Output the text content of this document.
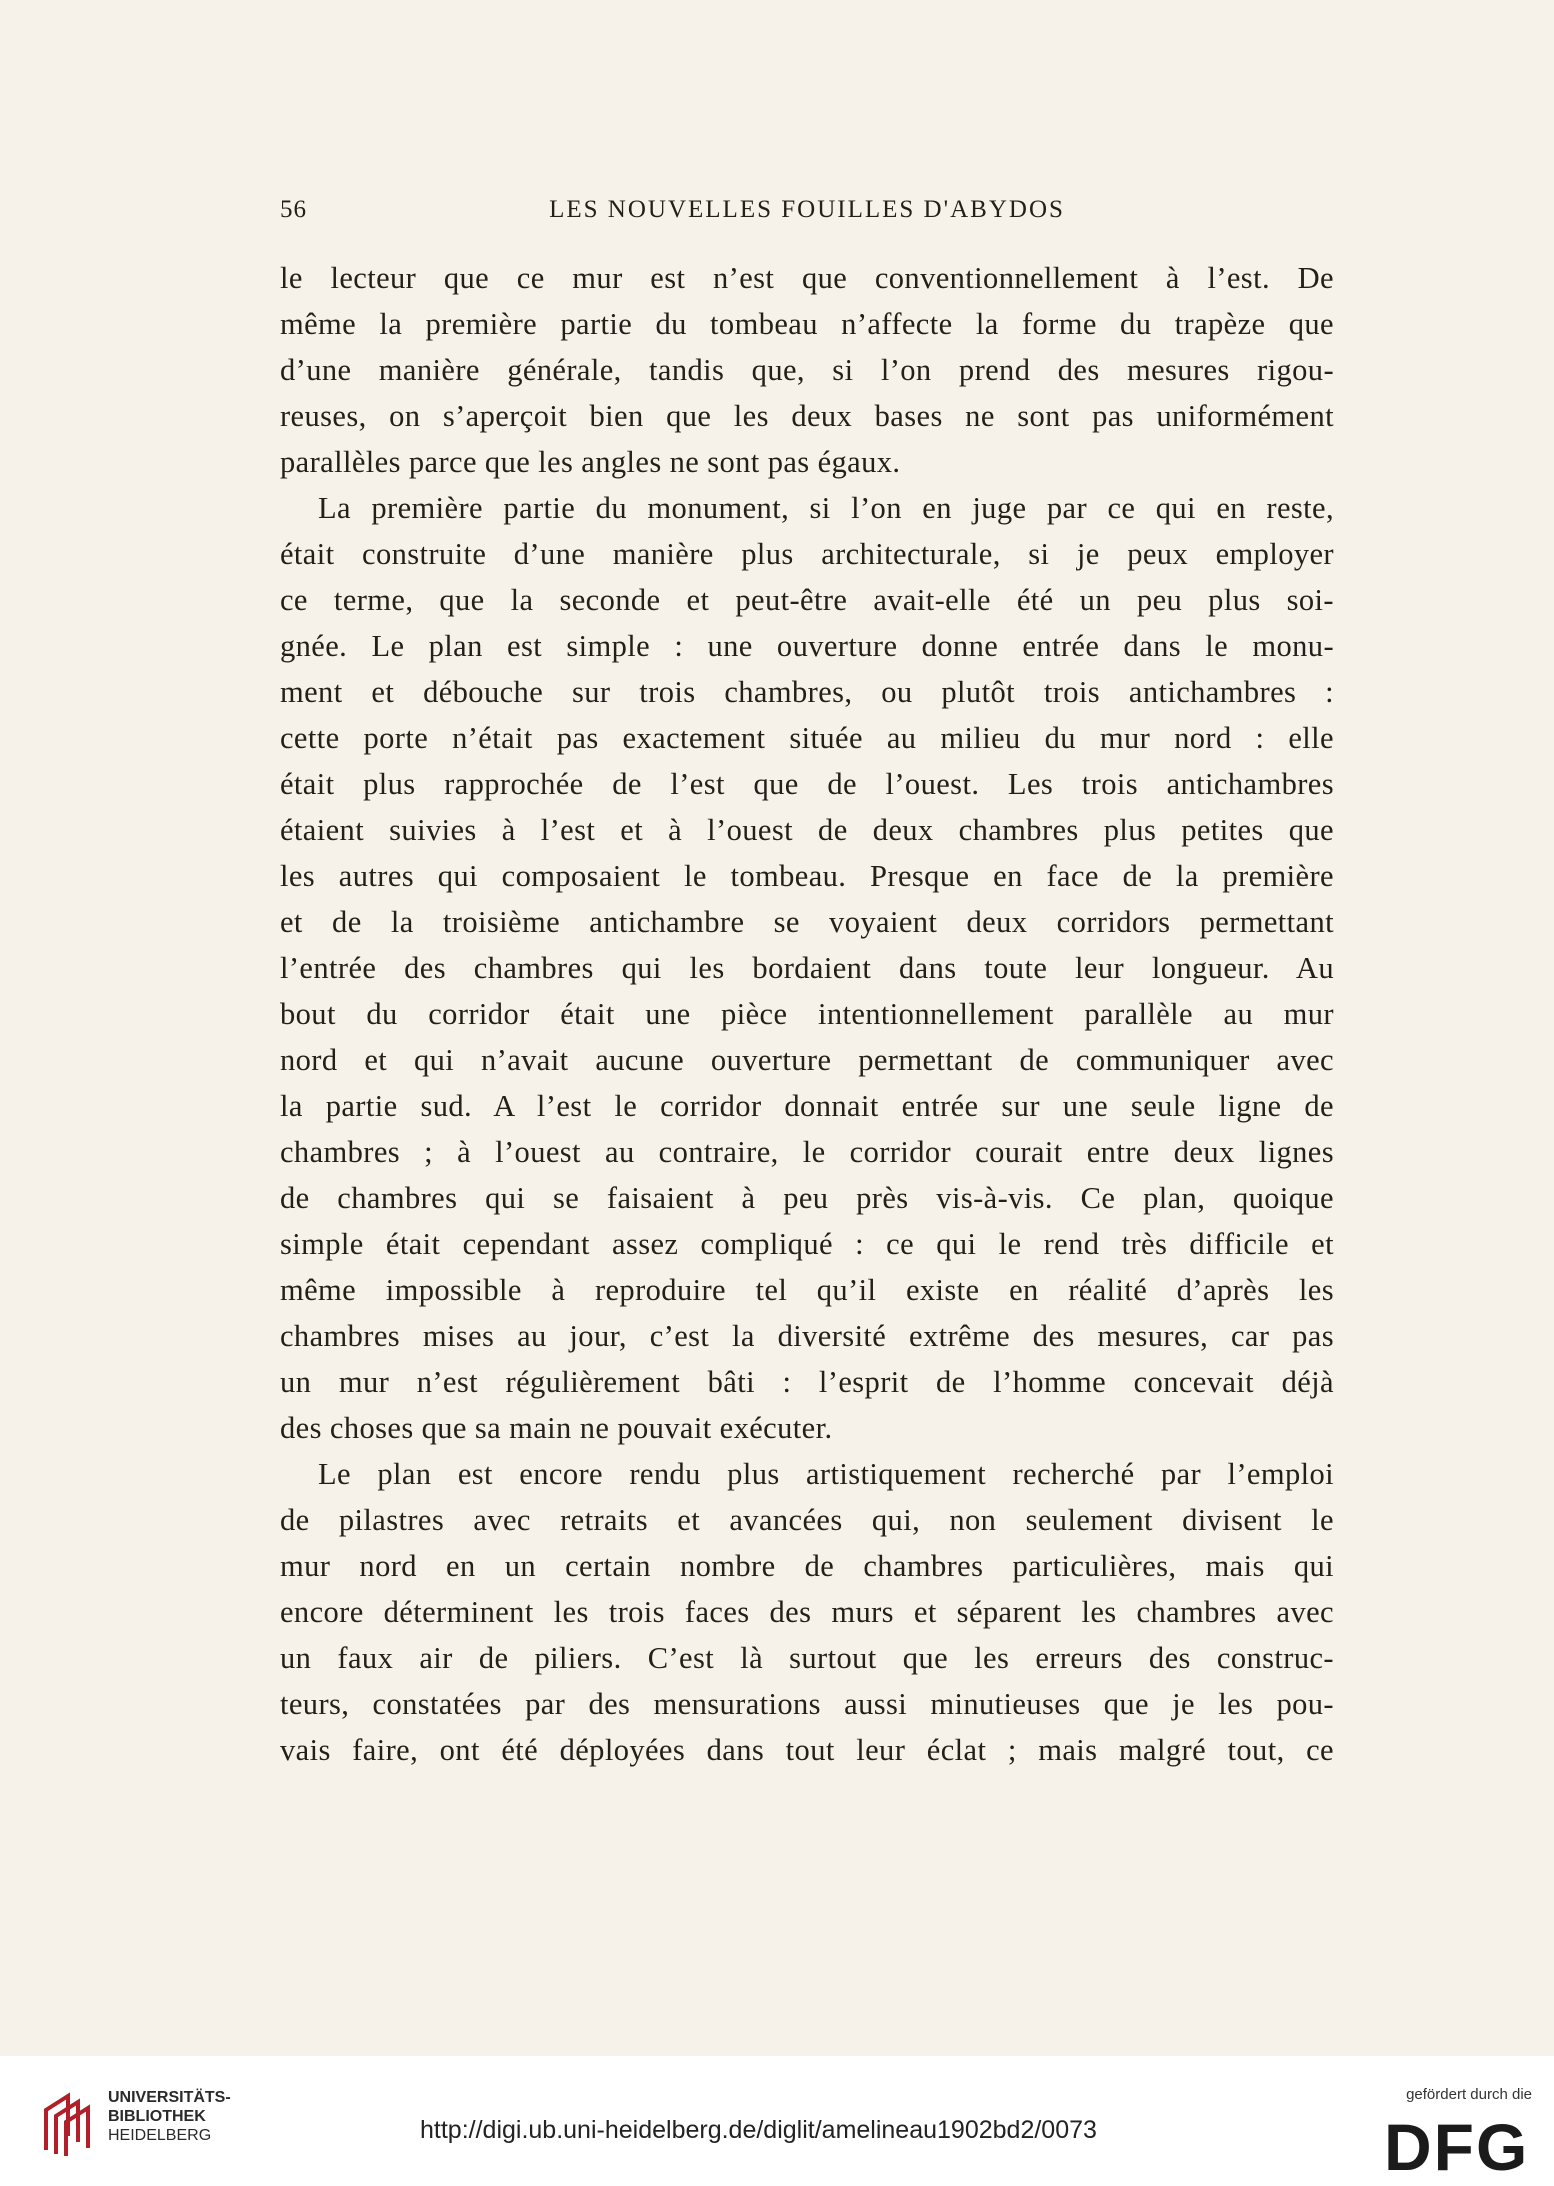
56	LES NOUVELLES FOUILLES D'ABYDOS
le lecteur que ce mur est n’est que conventionnellement à l’est. De
même la première partie du tombeau n’affecte la forme du trapèze que
d’une manière générale, tandis que, si l’on prend des mesures rigou-
reuses, on s’aperçoit bien que les deux bases ne sont pas uniformément
parallèles parce que les angles ne sont pas égaux.
La première partie du monument, si l’on en juge par ce qui en reste,
était construite d’une manière plus architecturale, si je peux employer
ce terme, que la seconde et peut-être avait-elle été un peu plus soi-
gnée. Le plan est simple : une ouverture donne entrée dans le monu-
ment et débouche sur trois chambres, ou plutôt trois antichambres :
cette porte n’était pas exactement située au milieu du mur nord : elle
était plus rapprochée de l’est que de l’ouest. Les trois antichambres
étaient suivies à l’est et à l’ouest de deux chambres plus petites que
les autres qui composaient le tombeau. Presque en face de la première
et de la troisième antichambre se voyaient deux corridors permettant
l’entrée des chambres qui les bordaient dans toute leur longueur. Au
bout du corridor était une pièce intentionnellement parallèle au mur
nord et qui n’avait aucune ouverture permettant de communiquer avec
la partie sud. A l’est le corridor donnait entrée sur une seule ligne de
chambres ; à l’ouest au contraire, le corridor courait entre deux lignes
de chambres qui se faisaient à peu près vis-à-vis. Ce plan, quoique
simple était cependant assez compliqué : ce qui le rend très difficile et
même impossible à reproduire tel qu’il existe en réalité d’après les
chambres mises au jour, c’est la diversité extrême des mesures, car pas
un mur n’est régulièrement bâti : l’esprit de l’homme concevait déjà
des choses que sa main ne pouvait exécuter.
Le plan est encore rendu plus artistiquement recherché par l’emploi
de pilastres avec retraits et avancées qui, non seulement divisent le
mur nord en un certain nombre de chambres particulières, mais qui
encore déterminent les trois faces des murs et séparent les chambres avec
un faux air de piliers. C’est là surtout que les erreurs des construc-
teurs, constatées par des mensurations aussi minutieuses que je les pou-
vais faire, ont été déployées dans tout leur éclat ; mais malgré tout, ce
UNIVERSITÄTS-
BIBLIOTHEK
HEIDELBERG	http://digi.ub.uni-heidelberg.de/diglit/amelineau1902bd2/0073
gefördert durch die
DFG
